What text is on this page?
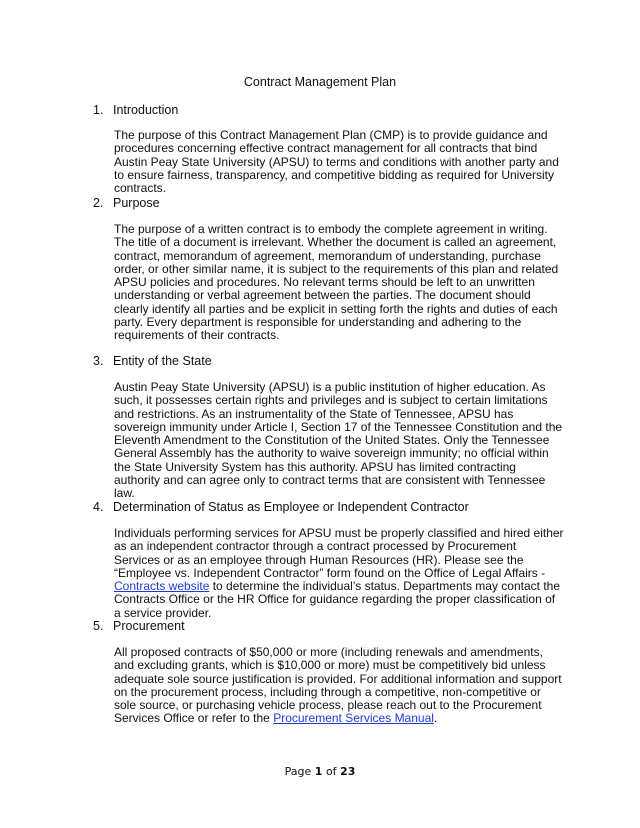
Contract Management Plan
1. Introduction
The purpose of this Contract Management Plan (CMP) is to provide guidance and procedures concerning effective contract management for all contracts that bind Austin Peay State University (APSU) to terms and conditions with another party and to ensure fairness, transparency, and competitive bidding as required for University contracts.
2. Purpose
The purpose of a written contract is to embody the complete agreement in writing. The title of a document is irrelevant. Whether the document is called an agreement, contract, memorandum of agreement, memorandum of understanding, purchase order, or other similar name, it is subject to the requirements of this plan and related APSU policies and procedures. No relevant terms should be left to an unwritten understanding or verbal agreement between the parties. The document should clearly identify all parties and be explicit in setting forth the rights and duties of each party. Every department is responsible for understanding and adhering to the requirements of their contracts.
3. Entity of the State
Austin Peay State University (APSU) is a public institution of higher education. As such, it possesses certain rights and privileges and is subject to certain limitations and restrictions. As an instrumentality of the State of Tennessee, APSU has sovereign immunity under Article I, Section 17 of the Tennessee Constitution and the Eleventh Amendment to the Constitution of the United States. Only the Tennessee General Assembly has the authority to waive sovereign immunity; no official within the State University System has this authority. APSU has limited contracting authority and can agree only to contract terms that are consistent with Tennessee law.
4. Determination of Status as Employee or Independent Contractor
Individuals performing services for APSU must be properly classified and hired either as an independent contractor through a contract processed by Procurement Services or as an employee through Human Resources (HR). Please see the “Employee vs. Independent Contractor” form found on the Office of Legal Affairs - Contracts website to determine the individual’s status. Departments may contact the Contracts Office or the HR Office for guidance regarding the proper classification of a service provider.
5. Procurement
All proposed contracts of $50,000 or more (including renewals and amendments, and excluding grants, which is $10,000 or more) must be competitively bid unless adequate sole source justification is provided. For additional information and support on the procurement process, including through a competitive, non-competitive or sole source, or purchasing vehicle process, please reach out to the Procurement Services Office or refer to the Procurement Services Manual.
Page 1 of 23
